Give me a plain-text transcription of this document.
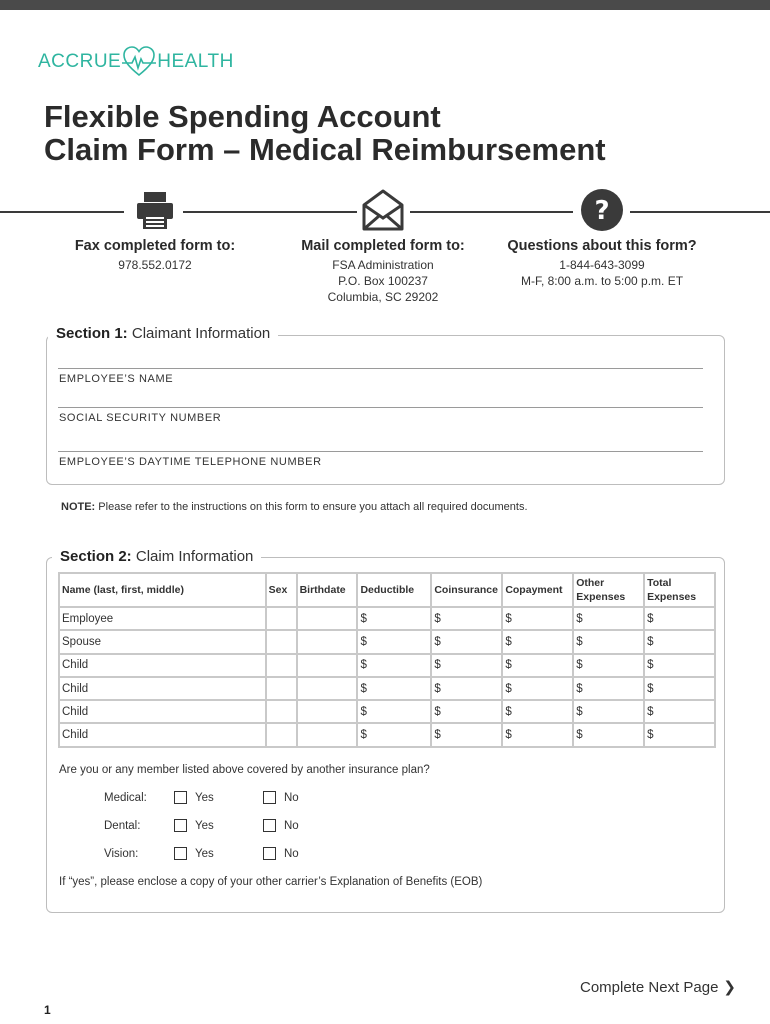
ACCRUE HEALTH
Flexible Spending Account
Claim Form – Medical Reimbursement
?
Fax completed form to:

978.552.0172

Mail completed form to:

FSA Administration

P.O. Box 100237

Columbia, SC 29202

Questions about this form?

1-844-643-3099

M-F, 8:00 a.m. to 5:00 p.m. ET

Section 1: Claimant Information
EMPLOYEE’S NAME
SOCIAL SECURITY NUMBER
EMPLOYEE’S DAYTIME TELEPHONE NUMBER
NOTE: Please refer to the instructions on this form to ensure you attach all required documents.
Section 2: Claim Information
Name (last, first, middle)	Sex	Birthdate	Deductible	Coinsurance	Copayment	Other Expenses	Total Expenses
Employee			$	$	$	$	$
Spouse			$	$	$	$	$
Child			$	$	$	$	$
Child			$	$	$	$	$
Child			$	$	$	$	$
Child			$	$	$	$	$
Are you or any member listed above covered by another insurance plan?
Medical:	Yes	No
Dental:	Yes	No
Vision:	Yes	No
If “yes”, please enclose a copy of your other carrier’s Explanation of Benefits (EOB)
Complete Next Page ❯
1
